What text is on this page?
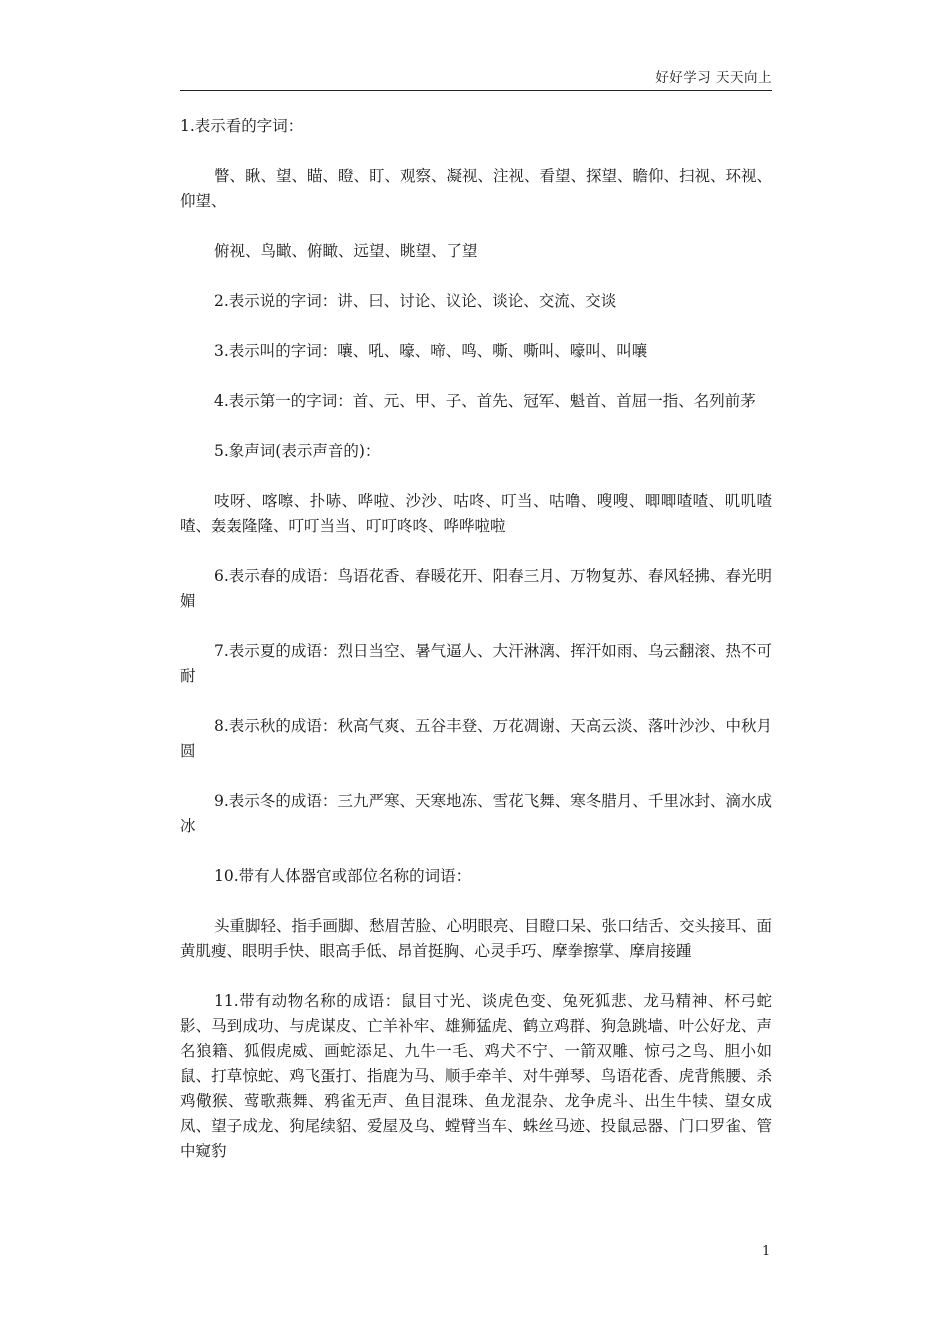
好好学习 天天向上

1.表示看的字词：

瞥、瞅、望、瞄、瞪、盯、观察、凝视、注视、看望、探望、瞻仰、扫视、环视、仰望、

俯视、鸟瞰、俯瞰、远望、眺望、了望

2.表示说的字词：讲、曰、讨论、议论、谈论、交流、交谈

3.表示叫的字词：嚷、吼、嚎、啼、鸣、嘶、嘶叫、嚎叫、叫嚷

4.表示第一的字词：首、元、甲、子、首先、冠军、魁首、首屈一指、名列前茅

5.象声词(表示声音的)：

吱呀、喀嚓、扑哧、哗啦、沙沙、咕咚、叮当、咕噜、嗖嗖、唧唧喳喳、叽叽喳喳、轰轰隆隆、叮叮当当、叮叮咚咚、哗哗啦啦

6.表示春的成语：鸟语花香、春暖花开、阳春三月、万物复苏、春风轻拂、春光明媚

7.表示夏的成语：烈日当空、暑气逼人、大汗淋漓、挥汗如雨、乌云翻滚、热不可耐

8.表示秋的成语：秋高气爽、五谷丰登、万花凋谢、天高云淡、落叶沙沙、中秋月圆

9.表示冬的成语：三九严寒、天寒地冻、雪花飞舞、寒冬腊月、千里冰封、滴水成冰

10.带有人体器官或部位名称的词语：

头重脚轻、指手画脚、愁眉苦脸、心明眼亮、目瞪口呆、张口结舌、交头接耳、面黄肌瘦、眼明手快、眼高手低、昂首挺胸、心灵手巧、摩拳擦掌、摩肩接踵

11.带有动物名称的成语：鼠目寸光、谈虎色变、兔死狐悲、龙马精神、杯弓蛇影、马到成功、与虎谋皮、亡羊补牢、雄狮猛虎、鹤立鸡群、狗急跳墙、叶公好龙、声名狼籍、狐假虎威、画蛇添足、九牛一毛、鸡犬不宁、一箭双雕、惊弓之鸟、胆小如鼠、打草惊蛇、鸡飞蛋打、指鹿为马、顺手牵羊、对牛弹琴、鸟语花香、虎背熊腰、杀鸡儆猴、莺歌燕舞、鸦雀无声、鱼目混珠、鱼龙混杂、龙争虎斗、出生牛犊、望女成凤、望子成龙、狗尾续貂、爱屋及乌、螳臂当车、蛛丝马迹、投鼠忌器、门口罗雀、管中窥豹

1
